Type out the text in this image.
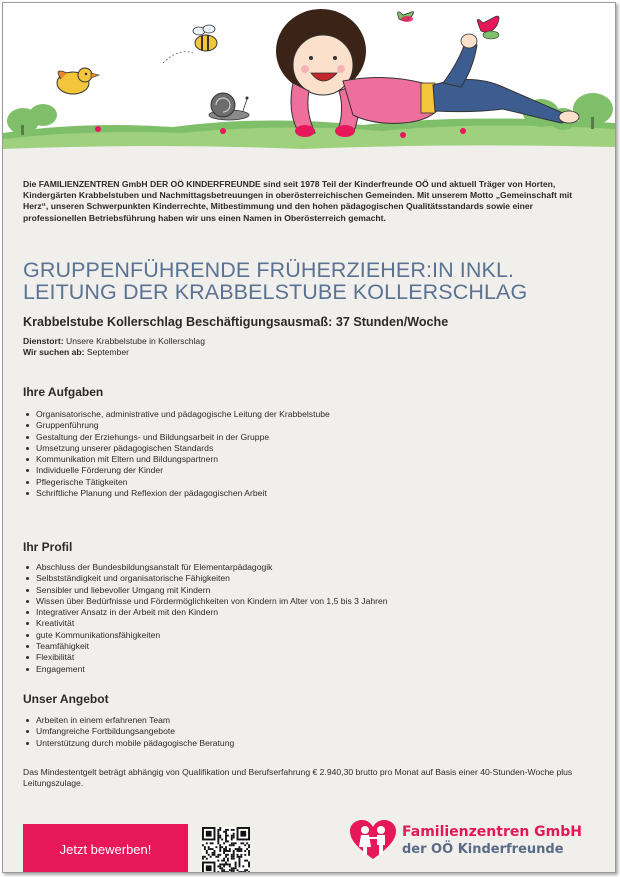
Die FAMILIENZENTREN GmbH DER OÖ KINDERFREUNDE sind seit 1978 Teil der Kinderfreunde OÖ und aktuell Träger von Horten, Kindergärten Krabbelstuben und Nachmittagsbetreuungen in oberösterreichischen Gemeinden. Mit unserem Motto „Gemeinschaft mit Herz“, unseren Schwerpunkten Kinderrechte, Mitbestimmung und den hohen pädagogischen Qualitätsstandards sowie einer professionellen Betriebsführung haben wir uns einen Namen in Oberösterreich gemacht.

GRUPPENFÜHRENDE FRÜHERZIEHER:IN INKL.
LEITUNG DER KRABBELSTUBE KOLLERSCHLAG
Krabbelstube Kollerschlag Beschäftigungsausmaß: 37 Stunden/Woche
Dienstort: Unsere Krabbelstube in Kollerschlag
Wir suchen ab: September
Ihre Aufgaben
Organisatorische, administrative und pädagogische Leitung der Krabbelstube
Gruppenführung
Gestaltung der Erziehungs- und Bildungsarbeit in der Gruppe
Umsetzung unserer pädagogischen Standards
Kommunikation mit Eltern und Bildungspartnern
Individuelle Förderung der Kinder
Pflegerische Tätigkeiten
Schriftliche Planung und Reflexion der pädagogischen Arbeit
Ihr Profil
Abschluss der Bundesbildungsanstalt für Elementarpädagogik
Selbstständigkeit und organisatorische Fähigkeiten
Sensibler und liebevoller Umgang mit Kindern
Wissen über Bedürfnisse und Fördermöglichkeiten von Kindern im Alter von 1,5 bis 3 Jahren
Integrativer Ansatz in der Arbeit mit den Kindern
Kreativität
gute Kommunikationsfähigkeiten
Teamfähigkeit
Flexibilität
Engagement
Unser Angebot
Arbeiten in einem erfahrenen Team
Umfangreiche Fortbildungsangebote
Unterstützung durch mobile pädagogische Beratung
Das Mindestentgelt beträgt abhängig von Qualifikation und Berufserfahrung € 2.940,30 brutto pro Monat auf Basis einer 40-Stunden-Woche plus Leitungszulage.
Jetzt bewerben!
Familienzentren GmbH
der OÖ Kinderfreunde
